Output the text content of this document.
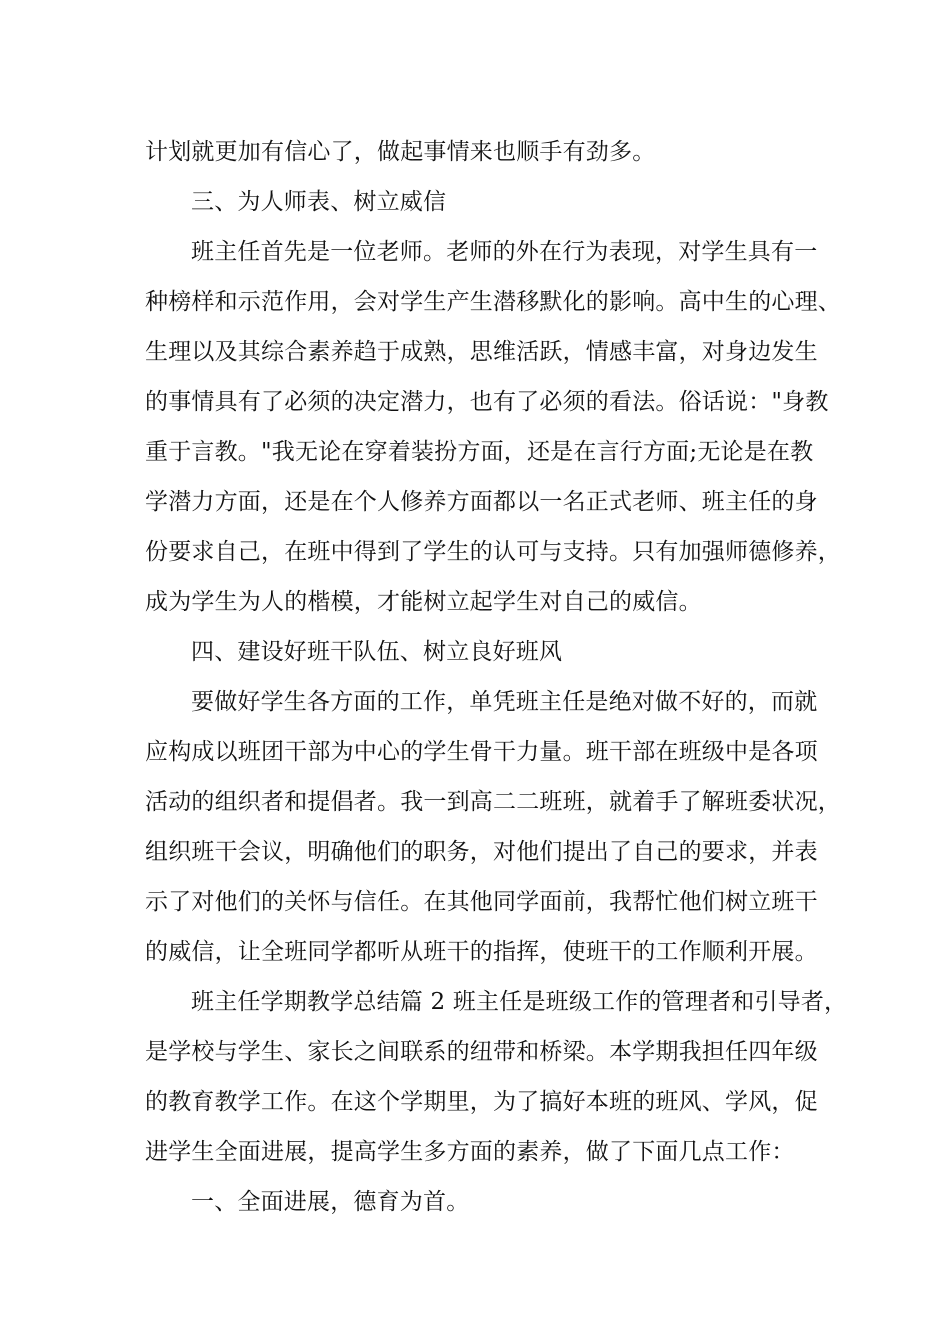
计划就更加有信心了，做起事情来也顺手有劲多。
三、为人师表、树立威信
班主任首先是一位老师。老师的外在行为表现，对学生具有一
种榜样和示范作用，会对学生产生潜移默化的影响。高中生的心理、
生理以及其综合素养趋于成熟，思维活跃，情感丰富，对身边发生
的事情具有了必须的决定潜力，也有了必须的看法。俗话说："身教
重于言教。"我无论在穿着装扮方面，还是在言行方面;无论是在教
学潜力方面，还是在个人修养方面都以一名正式老师、班主任的身
份要求自己，在班中得到了学生的认可与支持。只有加强师德修养，
成为学生为人的楷模，才能树立起学生对自己的威信。
四、建设好班干队伍、树立良好班风
要做好学生各方面的工作，单凭班主任是绝对做不好的，而就
应构成以班团干部为中心的学生骨干力量。班干部在班级中是各项
活动的组织者和提倡者。我一到高二二班班，就着手了解班委状况，
组织班干会议，明确他们的职务，对他们提出了自己的要求，并表
示了对他们的关怀与信任。在其他同学面前，我帮忙他们树立班干
的威信，让全班同学都听从班干的指挥，使班干的工作顺利开展。
班主任学期教学总结篇 2 班主任是班级工作的管理者和引导者，
是学校与学生、家长之间联系的纽带和桥梁。本学期我担任四年级
的教育教学工作。在这个学期里，为了搞好本班的班风、学风，促
进学生全面进展，提高学生多方面的素养，做了下面几点工作：
一、全面进展，德育为首。
